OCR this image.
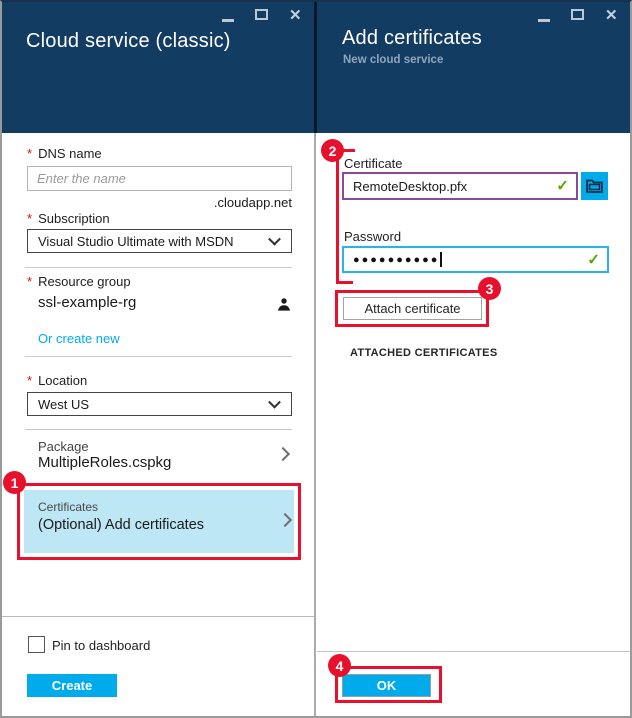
Cloud service (classic)	Add certificates
New cloud service
✕	✕
* DNS name
Enter the name
.cloudapp.net
* Subscription
Visual Studio Ultimate with MSDN
* Resource group
ssl-example-rg
Or create new
* Location
West US
Package
MultipleRoles.cspkg
Certificates
(Optional) Add certificates
1
Pin to dashboard
Create
Certificate
RemoteDesktop.pfx	✓
Password
●●●●●●●●●●	✓
Attach certificate
3
ATTACHED CERTIFICATES
2
OK
4
